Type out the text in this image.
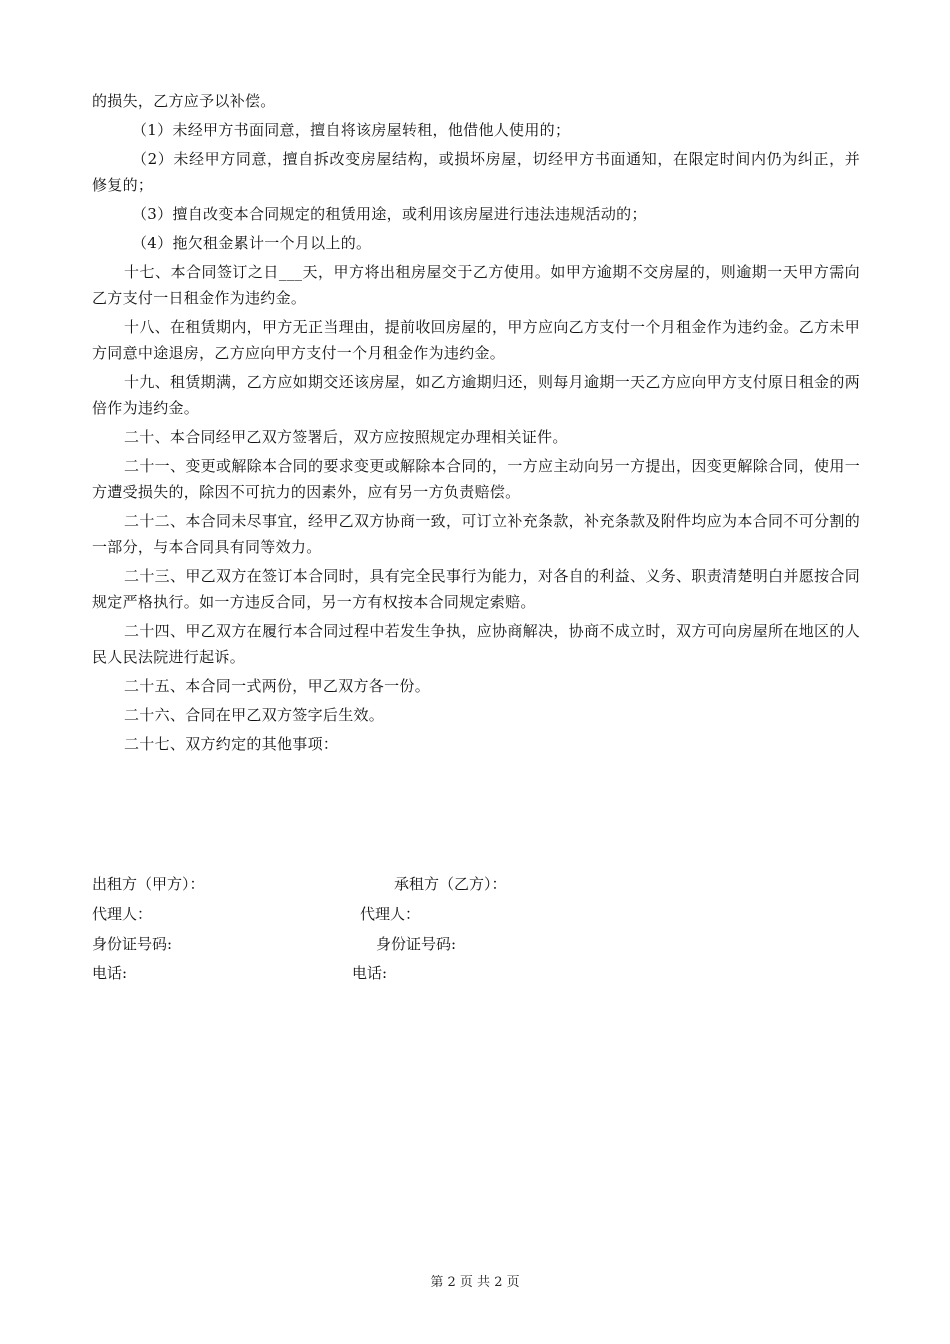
的损失，乙方应予以补偿。

（1）未经甲方书面同意，擅自将该房屋转租，他借他人使用的；

（2）未经甲方同意，擅自拆改变房屋结构，或损坏房屋，切经甲方书面通知，在限定时间内仍为纠正，并修复的；

（3）擅自改变本合同规定的租赁用途，或利用该房屋进行违法违规活动的；

（4）拖欠租金累计一个月以上的。

十七、本合同签订之日___天，甲方将出租房屋交于乙方使用。如甲方逾期不交房屋的，则逾期一天甲方需向乙方支付一日租金作为违约金。

十八、在租赁期内，甲方无正当理由，提前收回房屋的，甲方应向乙方支付一个月租金作为违约金。乙方未甲方同意中途退房，乙方应向甲方支付一个月租金作为违约金。

十九、租赁期满，乙方应如期交还该房屋，如乙方逾期归还，则每月逾期一天乙方应向甲方支付原日租金的两倍作为违约金。

二十、本合同经甲乙双方签署后，双方应按照规定办理相关证件。

二十一、变更或解除本合同的要求变更或解除本合同的，一方应主动向另一方提出，因变更解除合同，使用一方遭受损失的，除因不可抗力的因素外，应有另一方负责赔偿。

二十二、本合同未尽事宜，经甲乙双方协商一致，可订立补充条款，补充条款及附件均应为本合同不可分割的一部分，与本合同具有同等效力。

二十三、甲乙双方在签订本合同时，具有完全民事行为能力，对各自的利益、义务、职责清楚明白并愿按合同规定严格执行。如一方违反合同，另一方有权按本合同规定索赔。

二十四、甲乙双方在履行本合同过程中若发生争执，应协商解决，协商不成立时，双方可向房屋所在地区的人民人民法院进行起诉。

二十五、本合同一式两份，甲乙双方各一份。

二十六、合同在甲乙双方签字后生效。

二十七、双方约定的其他事项：

出租方（甲方）：	承租方（乙方）：
代理人：	代理人：
身份证号码:	身份证号码:
电话:	电话:
第 2 页 共 2 页
